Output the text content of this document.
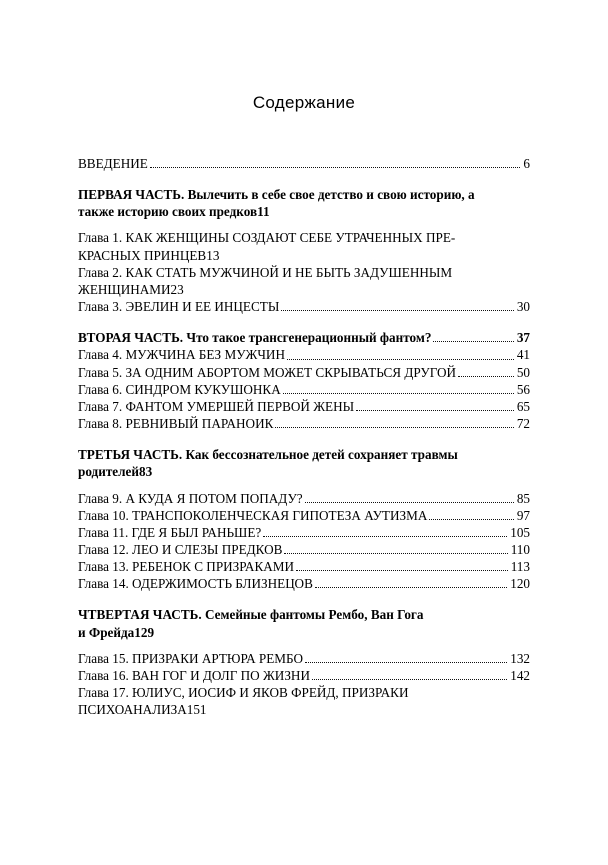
Содержание
ВВЕДЕНИЕ	6
ПЕРВАЯ ЧАСТЬ. Вылечить в себе свое детство и свою историю, а
также историю своих предков 11
Глава 1. КАК ЖЕНЩИНЫ СОЗДАЮТ СЕБЕ УТРАЧЕННЫХ ПРЕ-
КРАСНЫХ ПРИНЦЕВ 13
Глава 2. КАК СТАТЬ МУЖЧИНОЙ И НЕ БЫТЬ ЗАДУШЕННЫМ
ЖЕНЩИНАМИ 23
Глава 3. ЭВЕЛИН И ЕЕ ИНЦЕСТЫ	30
ВТОРАЯ ЧАСТЬ. Что такое трансгенерационный фантом?	37
Глава 4. МУЖЧИНА БЕЗ МУЖЧИН	41
Глава 5. ЗА ОДНИМ АБОРТОМ МОЖЕТ СКРЫВАТЬСЯ ДРУГОЙ	50
Глава 6. СИНДРОМ КУКУШОНКА	56
Глава 7. ФАНТОМ УМЕРШЕЙ ПЕРВОЙ ЖЕНЫ	65
Глава 8. РЕВНИВЫЙ ПАРАНОИК	72
ТРЕТЬЯ ЧАСТЬ. Как бессознательное детей сохраняет травмы
родителей 83
Глава 9. А КУДА Я ПОТОМ ПОПАДУ?	85
Глава 10. ТРАНСПОКОЛЕНЧЕСКАЯ ГИПОТЕЗА АУТИЗМА	97
Глава 11. ГДЕ Я БЫЛ РАНЬШЕ?	105
Глава 12. ЛЕО И СЛЕЗЫ ПРЕДКОВ	110
Глава 13. РЕБЕНОК С ПРИЗРАКАМИ	113
Глава 14. ОДЕРЖИМОСТЬ БЛИЗНЕЦОВ	120
ЧТВЕРТАЯ ЧАСТЬ. Семейные фантомы Рембо, Ван Гога
и Фрейда 129
Глава 15. ПРИЗРАКИ АРТЮРА РЕМБО	132
Глава 16. ВАН ГОГ И ДОЛГ ПО ЖИЗНИ	142
Глава 17. ЮЛИУС, ИОСИФ И ЯКОВ ФРЕЙД, ПРИЗРАКИ
ПСИХОАНАЛИЗА 151
